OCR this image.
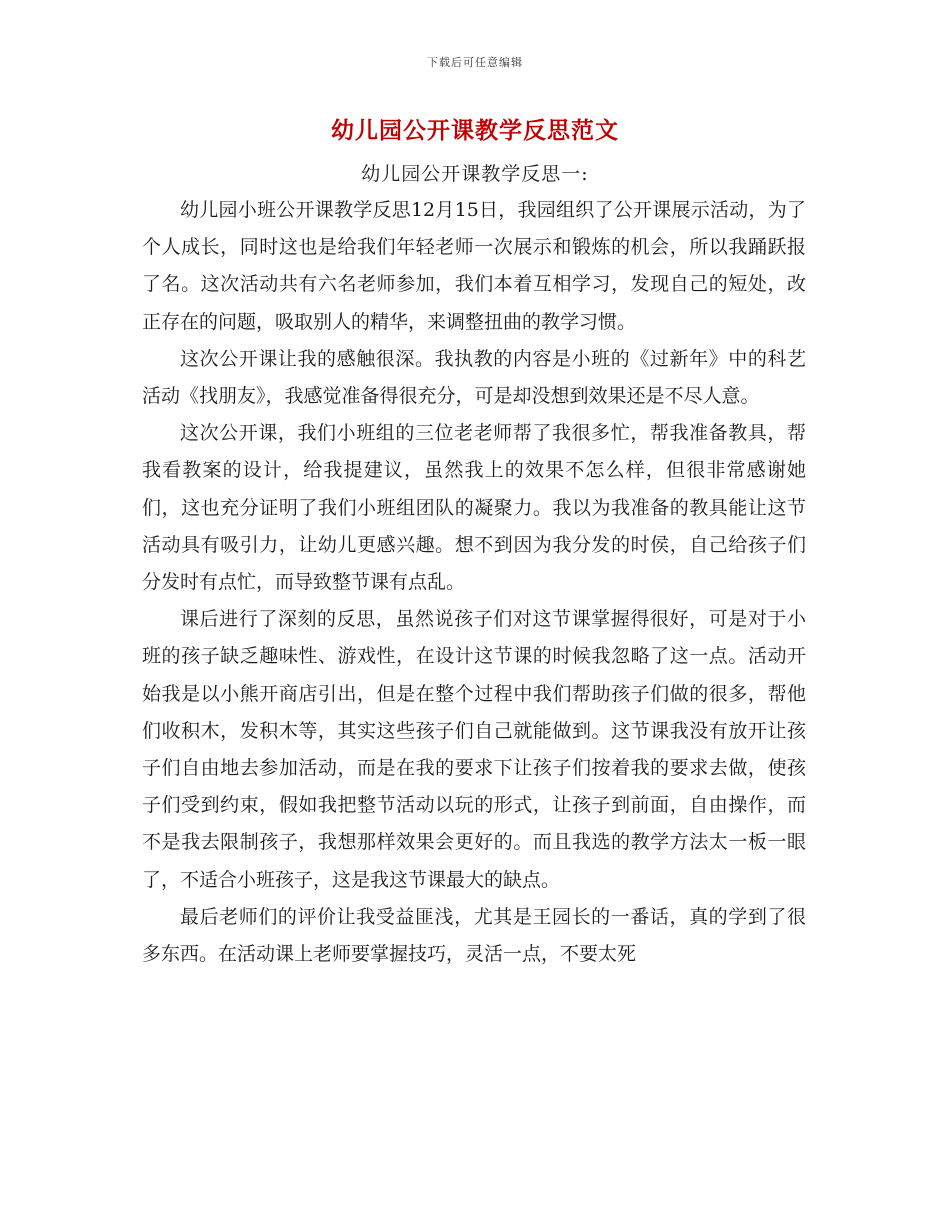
下载后可任意编辑
幼儿园公开课教学反思范文
幼儿园公开课教学反思一:

幼儿园小班公开课教学反思12月15日，我园组织了公开课展示活动，为了个人成长，同时这也是给我们年轻老师一次展示和锻炼的机会，所以我踊跃报了名。这次活动共有六名老师参加，我们本着互相学习，发现自己的短处，改正存在的问题，吸取别人的精华，来调整扭曲的教学习惯。

这次公开课让我的感触很深。我执教的内容是小班的《过新年》中的科艺活动《找朋友》，我感觉准备得很充分，可是却没想到效果还是不尽人意。

这次公开课，我们小班组的三位老老师帮了我很多忙，帮我准备教具，帮我看教案的设计，给我提建议，虽然我上的效果不怎么样，但很非常感谢她们，这也充分证明了我们小班组团队的凝聚力。我以为我准备的教具能让这节活动具有吸引力，让幼儿更感兴趣。想不到因为我分发的时侯，自己给孩子们分发时有点忙，而导致整节课有点乱。

课后进行了深刻的反思，虽然说孩子们对这节课掌握得很好，可是对于小班的孩子缺乏趣味性、游戏性，在设计这节课的时候我忽略了这一点。活动开始我是以小熊开商店引出，但是在整个过程中我们帮助孩子们做的很多，帮他们收积木，发积木等，其实这些孩子们自己就能做到。这节课我没有放开让孩子们自由地去参加活动，而是在我的要求下让孩子们按着我的要求去做，使孩子们受到约束，假如我把整节活动以玩的形式，让孩子到前面，自由操作，而不是我去限制孩子，我想那样效果会更好的。而且我选的教学方法太一板一眼了，不适合小班孩子，这是我这节课最大的缺点。

最后老师们的评价让我受益匪浅，尤其是王园长的一番话，真的学到了很多东西。在活动课上老师要掌握技巧，灵活一点，不要太死
